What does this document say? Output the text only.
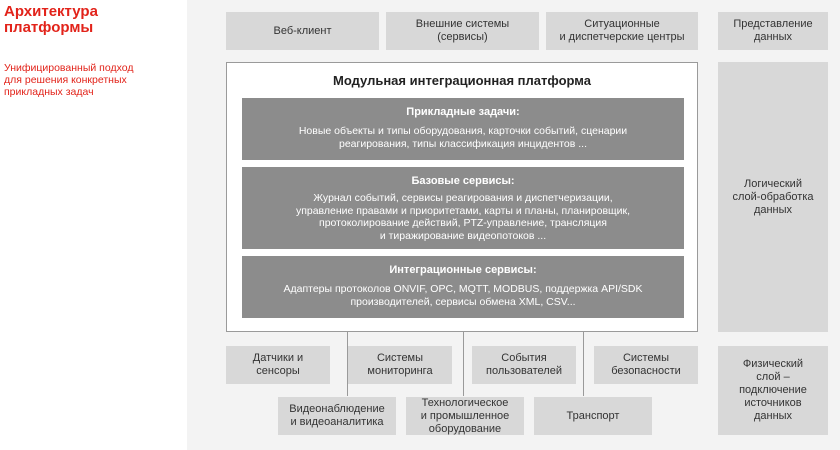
Архитектура
платформы
Унифицированный подход
для решения конкретных
прикладных задач
Веб-клиент
Внешние системы
(сервисы)
Ситуационные
и диспетчерские центры
Модульная интеграционная платформа
Прикладные задачи:
Новые объекты и типы оборудования, карточки событий, сценарии
реагирования, типы классификация инцидентов ...
Базовые сервисы:
Журнал событий, сервисы реагирования и диспетчеризации,
управление правами и приоритетами, карты и планы, планировщик,
протоколирование действий, PTZ-управление, трансляция
и тиражирование видеопотоков ...
Интеграционные сервисы:
Адаптеры протоколов ONVIF, OPC, MQTT, MODBUS, поддержка API/SDK
производителей, сервисы обмена XML, CSV...
Датчики и
сенсоры
Системы
мониторинга
События
пользователей
Системы
безопасности
Видеонаблюдение
и видеоаналитика
Технологическое
и промышленное
оборудование
Транспорт
Представление
данных
Логический
слой-обработка
данных
Физический
слой –
подключение
источников
данных
